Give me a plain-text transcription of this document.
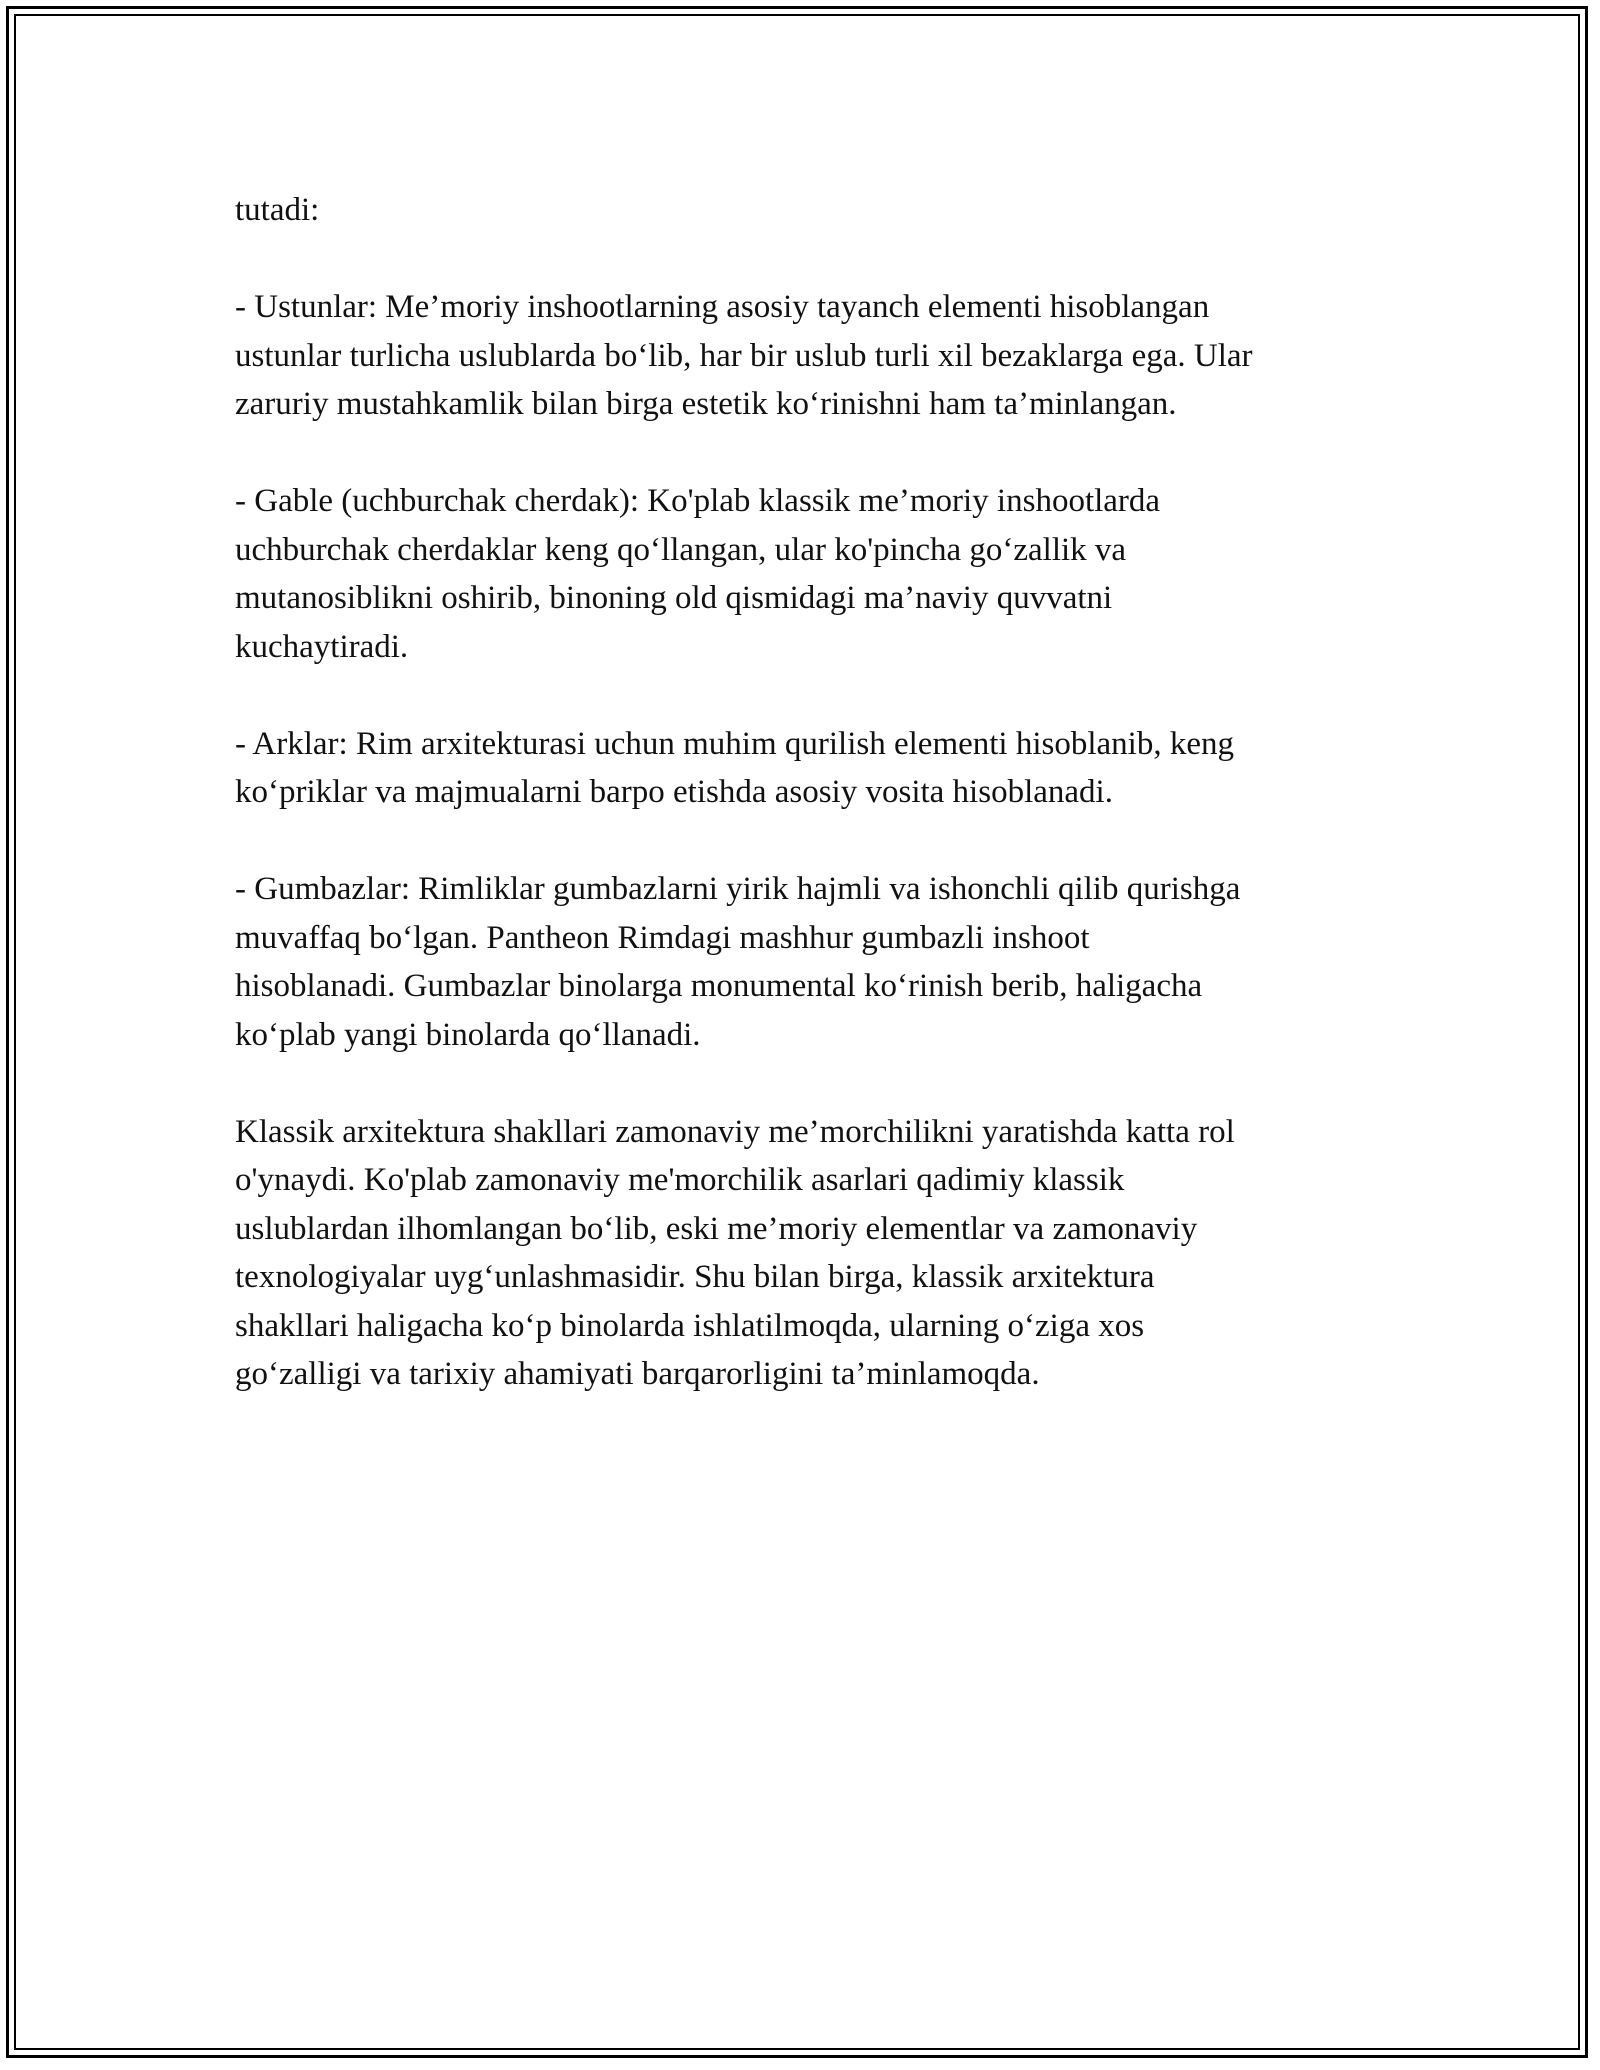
tutadi:

- Ustunlar: Me’moriy inshootlarning asosiy tayanch elementi hisoblangan
ustunlar turlicha uslublarda bo‘lib, har bir uslub turli xil bezaklarga ega. Ular
zaruriy mustahkamlik bilan birga estetik ko‘rinishni ham ta’minlangan.

- Gable (uchburchak cherdak): Ko'plab klassik me’moriy inshootlarda
uchburchak cherdaklar keng qo‘llangan, ular ko'pincha go‘zallik va
mutanosiblikni oshirib, binoning old qismidagi ma’naviy quvvatni
kuchaytiradi.

- Arklar: Rim arxitekturasi uchun muhim qurilish elementi hisoblanib, keng
ko‘priklar va majmualarni barpo etishda asosiy vosita hisoblanadi.

- Gumbazlar: Rimliklar gumbazlarni yirik hajmli va ishonchli qilib qurishga
muvaffaq bo‘lgan. Pantheon Rimdagi mashhur gumbazli inshoot
hisoblanadi. Gumbazlar binolarga monumental ko‘rinish berib, haligacha
ko‘plab yangi binolarda qo‘llanadi.

Klassik arxitektura shakllari zamonaviy me’morchilikni yaratishda katta rol
o'ynaydi. Ko'plab zamonaviy me'morchilik asarlari qadimiy klassik
uslublardan ilhomlangan bo‘lib, eski me’moriy elementlar va zamonaviy
texnologiyalar uyg‘unlashmasidir. Shu bilan birga, klassik arxitektura
shakllari haligacha ko‘p binolarda ishlatilmoqda, ularning o‘ziga xos
go‘zalligi va tarixiy ahamiyati barqarorligini ta’minlamoqda.
